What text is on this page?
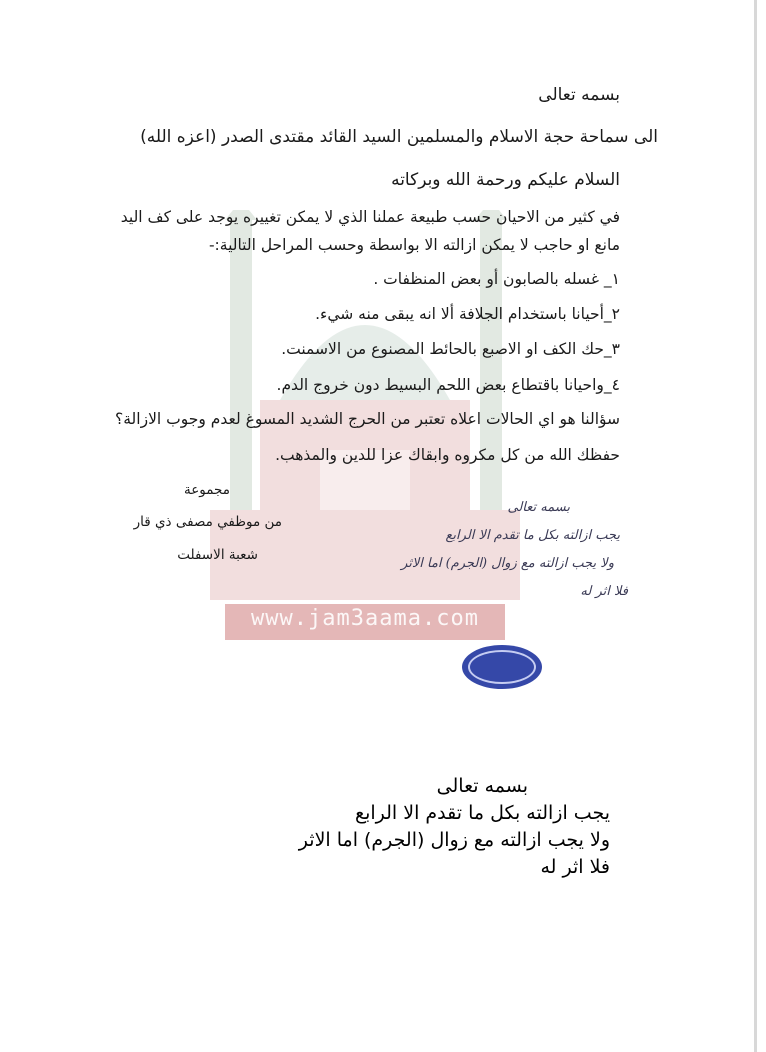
www.jam3aama.com
بسمه تعالى
الى سماحة حجة الاسلام والمسلمين السيد القائد مقتدى الصدر (اعزه الله)
السلام عليكم ورحمة الله وبركاته
في كثير من الاحيان حسب طبيعة عملنا الذي لا يمكن تغييره يوجد على كف اليد
مانع او حاجب لا يمكن ازالته الا بواسطة وحسب المراحل التالية:-
١_ غسله بالصابون أو بعض المنظفات .
٢_أحيانا باستخدام الجلافة ألا انه يبقى منه شيء.
٣_حك الكف او الاصبع بالحائط المصنوع من الاسمنت.
٤_واحيانا باقتطاع بعض اللحم البسيط دون خروج الدم.
سؤالنا هو اي الحالات اعلاه تعتبر من الحرج الشديد المسوغ لعدم وجوب الازالة؟
حفظك الله من كل مكروه وابقاك عزا للدين والمذهب.
مجموعة
من موظفي مصفى ذي قار
شعبة الاسفلت
بسمه تعالى
يجب ازالته بكل ما تقدم الا الرابع
ولا يجب ازالته مع زوال (الجرم) اما الاثر
فلا اثر له
بسمه تعالى
يجب ازالته بكل ما تقدم الا الرابع
ولا يجب ازالته مع زوال (الجرم) اما الاثر
فلا اثر له
